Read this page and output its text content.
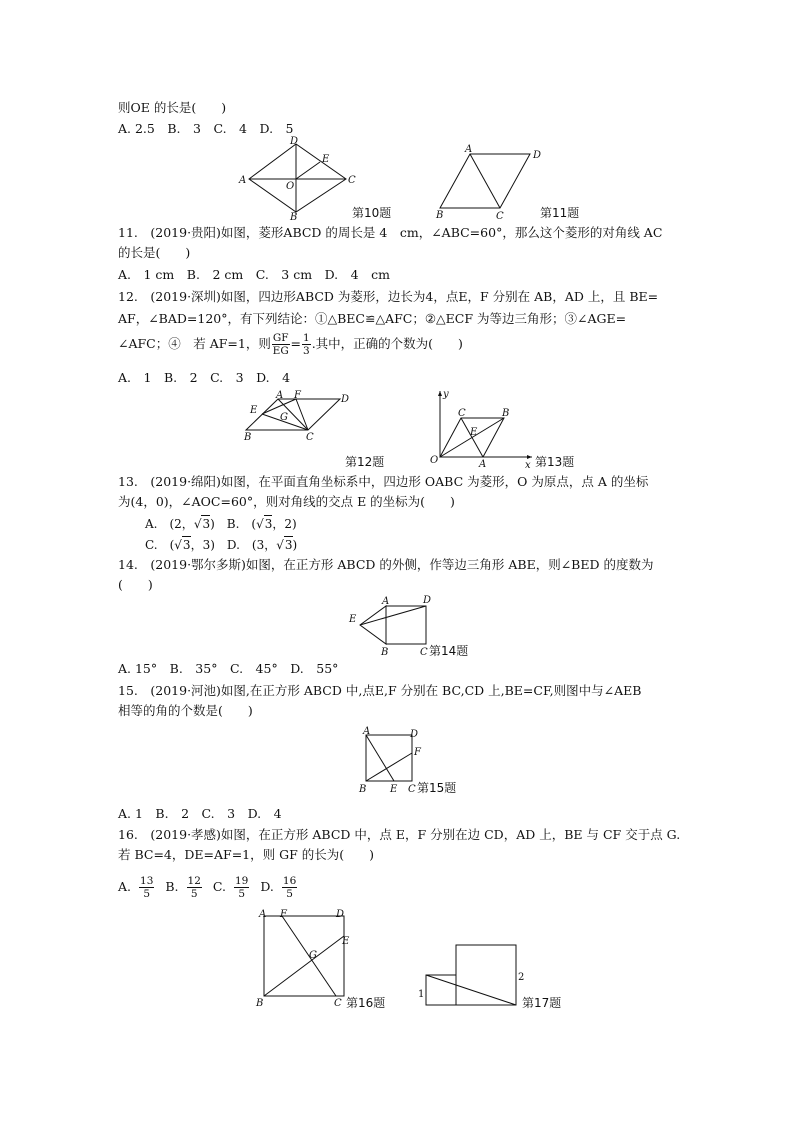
则OE 的长是(　　)
A. 2.5　B.　3　C.　4　D.　5
A
B
C
D
E
O
第10题
A
B	C
D
第11题
11.　(2019·贵阳)如图，菱形ABCD 的周长是 4　cm，∠ABC=60°，那么这个菱形的对角线 AC
的长是(　　)
A.　1 cm　B.　2 cm　C.　3 cm　D.　4　cm
12.　(2019·深圳)如图，四边形ABCD 为菱形，边长为4，点E，F 分别在 AB，AD 上，且 BE=
AF，∠BAD=120°，有下列结论：①△BEC≌△AFC；②△ECF 为等边三角形；③∠AGE=
∠AFC；④　若 AF=1，则 $\frac{GF}{EG} = \frac{1}{3}$ .其中，正确的个数为(　　)
A.　1　B.　2　C.　3　D.　4
A F	D
G
E
B	C
第12题
y
C	B
E
O	A	x 第13题
13.　(2019·绵阳)如图，在平面直角坐标系中，四边形 OABC 为菱形，O 为原点，点 A 的坐标
为(4，0)，∠AOC=60°，则对角线的交点 E 的坐标为(　　)
A.　(2，√3)　B.　(√3，2)
C.　(√3，3)　D.　(3，√3)
14.　(2019·鄂尔多斯)如图，在正方形 ABCD 的外侧，作等边三角形 ABE，则∠BED 的度数为
(　　)
A	D
E
B	C 第14题
A. 15°　B.　35°　C.　45°　D.　55°
15.　(2019·河池)如图,在正方形 ABCD 中,点E,F 分别在 BC,CD 上,BE=CF,则图中与∠AEB
相等的角的个数是(　　)
A	D
F
B E C 第15题
A. 1　B.　2　C.　3　D.　4
16.　(2019·孝感)如图，在正方形 ABCD 中，点 E，F 分别在边 CD，AD 上，BE 与 CF 交于点 G.
若 BC=4，DE=AF=1，则 GF 的长为(　　)
A. $\frac{13}{5} B$. $\frac{12}{5} C$. $\frac{19}{5} D$. $\frac{16}{5}$
A F	D
E
G
B	C 第16题
1
2
第17题
